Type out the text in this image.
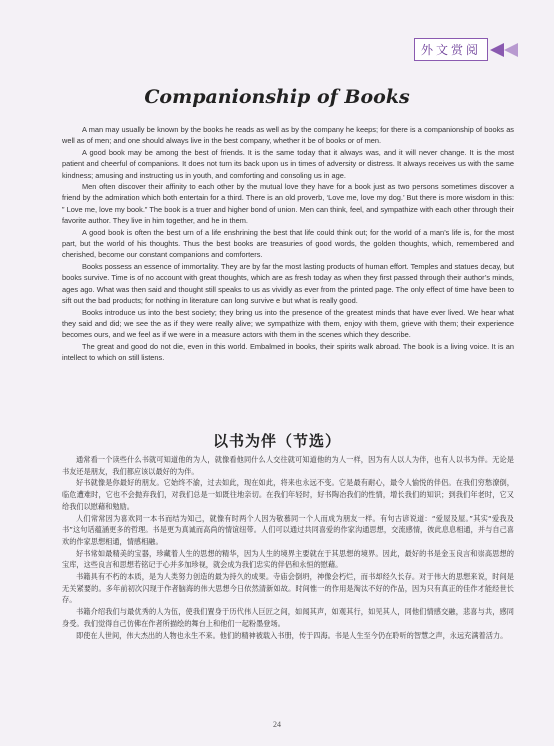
外文赏阅
Companionship of Books

A man may usually be known by the books he reads as well as by the company he keeps; for there is a companionship of books as well as of men; and one should always live in the best company, whether it be of books or of men.

A good book may be among the best of friends. It is the same today that it always was, and it will never change. It is the most patient and cheerful of companions. It does not turn its back upon us in times of adversity or distress. It always receives us with the same kindness; amusing and instructing us in youth, and comforting and consoling us in age.

Men often discover their affinity to each other by the mutual love they have for a book just as two persons sometimes discover a friend by the admiration which both entertain for a third. There is an old proverb, ‘Love me, love my dog.’ But there is more wisdom in this: ” Love me, love my book.” The book is a truer and higher bond of union. Men can think, feel, and sympathize with each other through their favorite author. They live in him together, and he in them.

A good book is often the best urn of a life enshrining the best that life could think out; for the world of a man’s life is, for the most part, but the world of his thoughts. Thus the best books are treasuries of good words, the golden thoughts, which, remembered and cherished, become our constant companions and comforters.

Books possess an essence of immortality. They are by far the most lasting products of human effort. Temples and statues decay, but books survive. Time is of no account with great thoughts, which are as fresh today as when they first passed through their author’s minds, ages ago. What was then said and thought still speaks to us as vividly as ever from the printed page. The only effect of time have been to sift out the bad products; for nothing in literature can long survive e but what is really good.

Books introduce us into the best society; they bring us into the presence of the greatest minds that have ever lived. We hear what they said and did; we see the as if they were really alive; we sympathize with them, enjoy with them, grieve with them; their experience becomes ours, and we feel as if we were in a measure actors with them in the scenes which they describe.

The great and good do not die, even in this world. Embalmed in books, their spirits walk abroad. The book is a living voice. It is an intellect to which on still listens.

以书为伴（节选）

通常看一个读些什么书就可知道他的为人，就像看他同什么人交往就可知道他的为人一样，因为有人以人为伴，也有人以书为伴。无论是书友还是朋友，我们都应该以最好的为伴。

好书就像是你最好的朋友。它始终不渝，过去如此，现在如此，将来也永远不变。它是最有耐心，最令人愉悦的伴侣。在我们穷愁潦倒，临危遭难时，它也不会抛弃我们，对我们总是一如既往地亲切。在我们年轻时，好书陶冶我们的性情，增长我们的知识；到我们年老时，它又给我们以慰藉和勉励。

人们常常因为喜欢同一本书而结为知己，就像有时两个人因为敬慕同一个人而成为朋友一样。有句古谚说道：“爱屋及屋。”其实“爱我及书”这句话蕴涵更多的哲理。书是更为真诚而高尚的情谊纽带。人们可以通过共同喜爱的作家沟通思想，交流感情，彼此息息相通，并与自己喜欢的作家思想相通，情感相融。

好书常如最精美的宝器，珍藏着人生的思想的精华，因为人生的境界主要就在于其思想的境界。因此，最好的书是金玉良言和崇高思想的宝库，这些良言和思想若铭记于心并多加珍视，就会成为我们忠实的伴侣和永恒的慰藉。

书籍具有不朽的本质，是为人类努力创造的最为持久的成果。寺庙会倒坍，神像会朽烂，而书却经久长存。对于伟大的思想来说，时间是无关紧要的。多年前初次闪现于作者脑海的伟大思想今日依然清新如故。时间惟一的作用是淘汰不好的作品，因为只有真正的佳作才能经世长存。

书籍介绍我们与最优秀的人为伍，使我们置身于历代伟人巨匠之间，如闻其声，如观其行，如见其人，同他们情感交融，悲喜与共，感同身受。我们觉得自己仿佛在作者所描绘的舞台上和他们一起粉墨登场。

即使在人世间，伟大杰出的人物也永生不来。他们的精神被载入书册，传于四海。书是人生至今仍在聆听的智慧之声，永远充满着活力。

24
